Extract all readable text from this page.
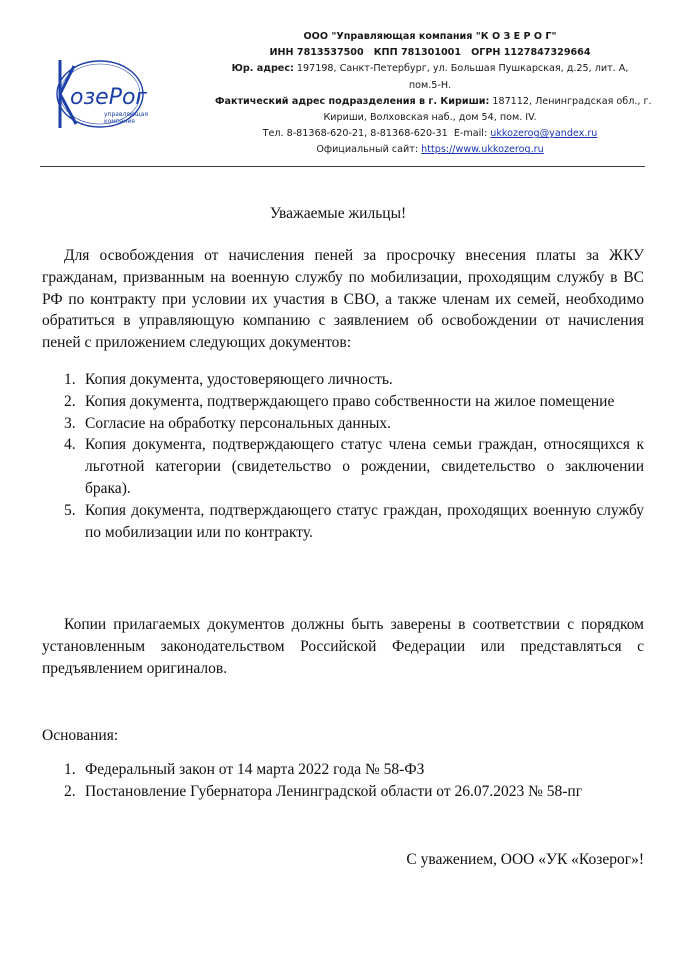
озеРог
управляющая
компания
ООО "Управляющая компания "К О З Е Р О Г"
ИНН 7813537500 КПП 781301001 ОГРН 1127847329664
Юр. адрес: 197198, Санкт-Петербург, ул. Большая Пушкарская, д.25, лит. А,
пом.5-Н.
Фактический адрес подразделения в г. Кириши: 187112, Ленинградская обл., г.
Кириши, Волховская наб., дом 54, пом. IV.
Тел. 8-81368-620-21, 8-81368-620-31 E-mail: ukkozerog@yandex.ru
Официальный сайт: https://www.ukkozerog.ru
Уважаемые жильцы!

Для освобождения от начисления пеней за просрочку внесения платы за ЖКУ гражданам, призванным на военную службу по мобилизации, проходящим службу в ВС РФ по контракту при условии их участия в СВО, а также членам их семей, необходимо обратиться в управляющую компанию с заявлением об освобождении от начисления пеней с приложением следующих документов:

1. Копия документа, удостоверяющего личность.
2. Копия документа, подтверждающего право собственности на жилое помещение
3. Согласие на обработку персональных данных.
4. Копия документа, подтверждающего статус члена семьи граждан, относящихся к льготной категории (свидетельство о рождении, свидетельство о заключении брака).
5. Копия документа, подтверждающего статус граждан, проходящих военную службу по мобилизации или по контракту.

Копии прилагаемых документов должны быть заверены в соответствии с порядком установленным законодательством Российской Федерации или представляться с предъявлением оригиналов.

Основания:
1. Федеральный закон от 14 марта 2022 года № 58-ФЗ
2. Постановление Губернатора Ленинградской области от 26.07.2023 № 58-пг
С уважением, ООО «УК «Козерог»!
